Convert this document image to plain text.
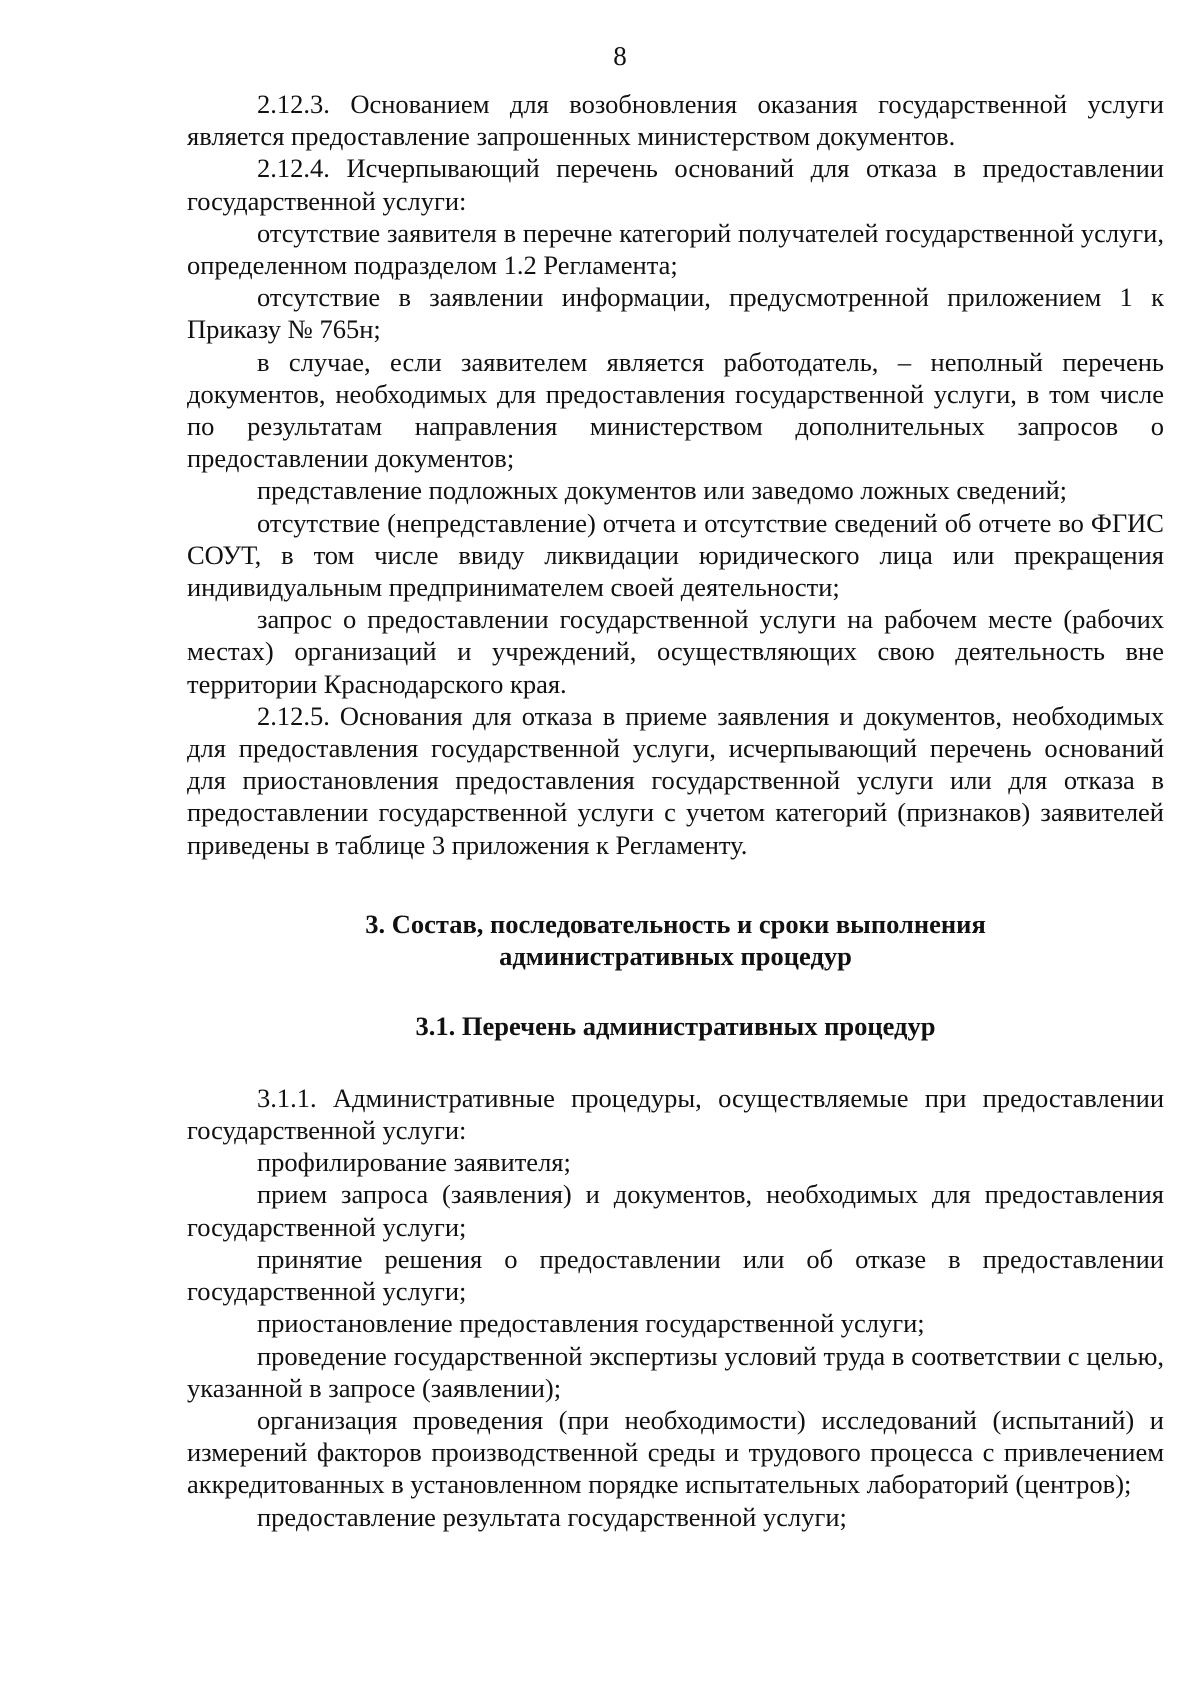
8

2.12.3. Основанием для возобновления оказания государственной услуги является предоставление запрошенных министерством документов.

2.12.4. Исчерпывающий перечень оснований для отказа в предоставлении государственной услуги:

отсутствие заявителя в перечне категорий получателей государственной услуги, определенном подразделом 1.2 Регламента;

отсутствие в заявлении информации, предусмотренной приложением 1 к Приказу № 765н;

в случае, если заявителем является работодатель, – неполный перечень документов, необходимых для предоставления государственной услуги, в том числе по результатам направления министерством дополнительных запросов о предоставлении документов;

представление подложных документов или заведомо ложных сведений;

отсутствие (непредставление) отчета и отсутствие сведений об отчете во ФГИС СОУТ, в том числе ввиду ликвидации юридического лица или прекращения индивидуальным предпринимателем своей деятельности;

запрос о предоставлении государственной услуги на рабочем месте (рабочих местах) организаций и учреждений, осуществляющих свою деятельность вне территории Краснодарского края.

2.12.5. Основания для отказа в приеме заявления и документов, необходимых для предоставления государственной услуги, исчерпывающий перечень оснований для приостановления предоставления государственной услуги или для отказа в предоставлении государственной услуги с учетом категорий (признаков) заявителей приведены в таблице 3 приложения к Регламенту.

3. Состав, последовательность и сроки выполнения
административных процедур
3.1. Перечень административных процедур

3.1.1. Административные процедуры, осуществляемые при предоставлении государственной услуги:

профилирование заявителя;

прием запроса (заявления) и документов, необходимых для предоставления государственной услуги;

принятие решения о предоставлении или об отказе в предоставлении государственной услуги;

приостановление предоставления государственной услуги;

проведение государственной экспертизы условий труда в соответствии с целью, указанной в запросе (заявлении);

организация проведения (при необходимости) исследований (испытаний) и измерений факторов производственной среды и трудового процесса с привлечением аккредитованных в установленном порядке испытательных лабораторий (центров);

предоставление результата государственной услуги;
